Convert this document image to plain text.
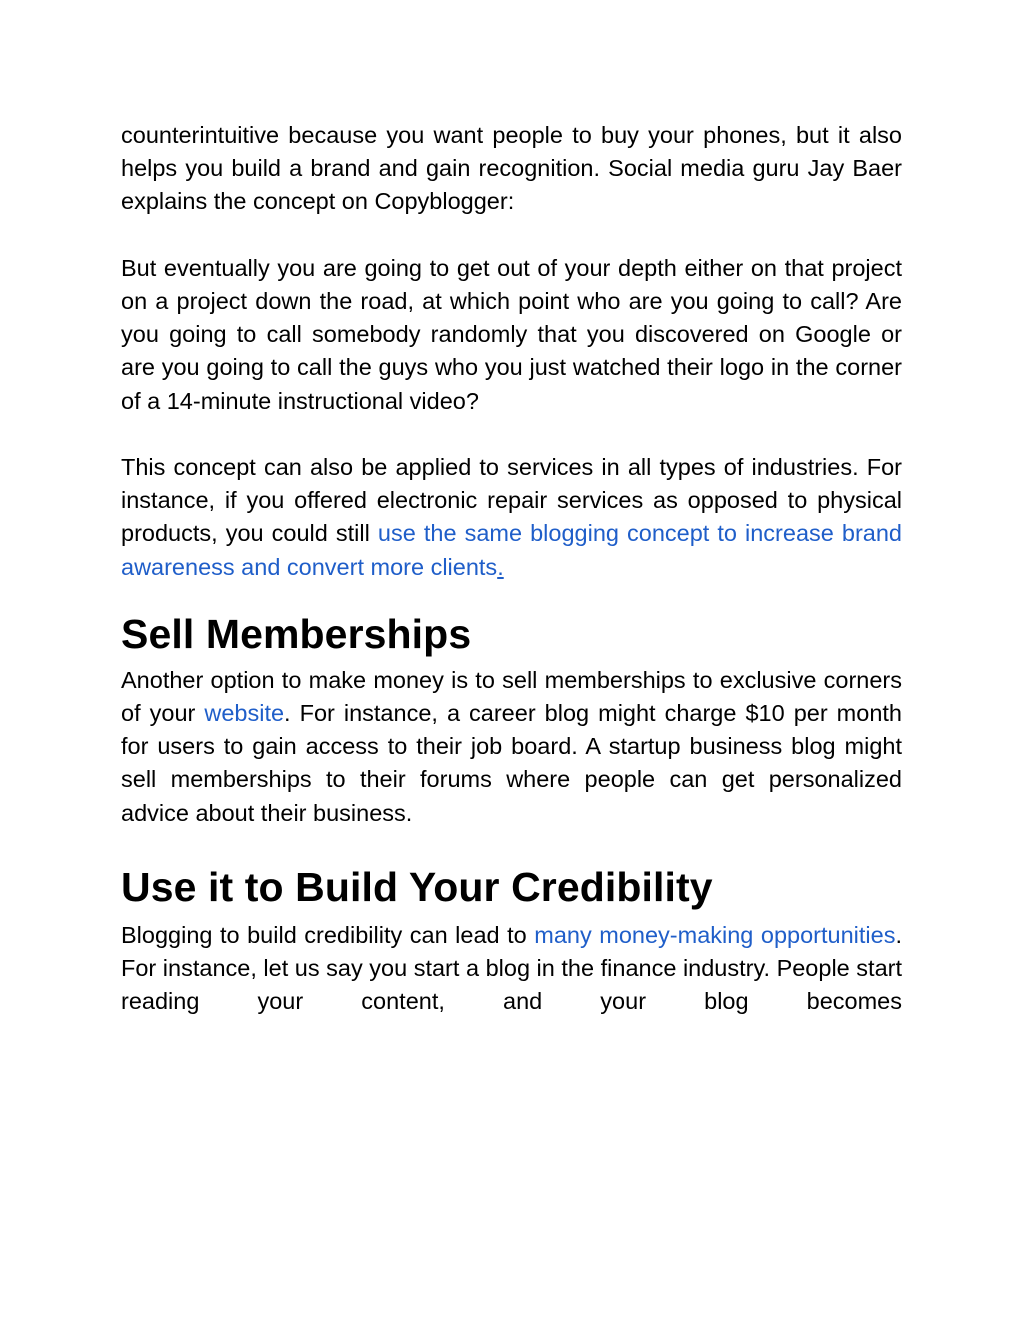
counterintuitive because you want people to buy your phones, but it also helps you build a brand and gain recognition. Social media guru Jay Baer explains the concept on Copyblogger:

But eventually you are going to get out of your depth either on that project on a project down the road, at which point who are you going to call? Are you going to call somebody randomly that you discovered on Google or are you going to call the guys who you just watched their logo in the corner of a 14-minute instructional video?

This concept can also be applied to services in all types of industries. For instance, if you offered electronic repair services as opposed to physical products, you could still use the same blogging concept to increase brand awareness and convert more clients.

Sell Memberships

Another option to make money is to sell memberships to exclusive corners of your website. For instance, a career blog might charge $10 per month for users to gain access to their job board. A startup business blog might sell memberships to their forums where people can get personalized advice about their business.

Use it to Build Your Credibility

Blogging to build credibility can lead to many money-making opportunities. For instance, let us say you start a blog in the finance industry. People start reading your content, and your blog becomes
